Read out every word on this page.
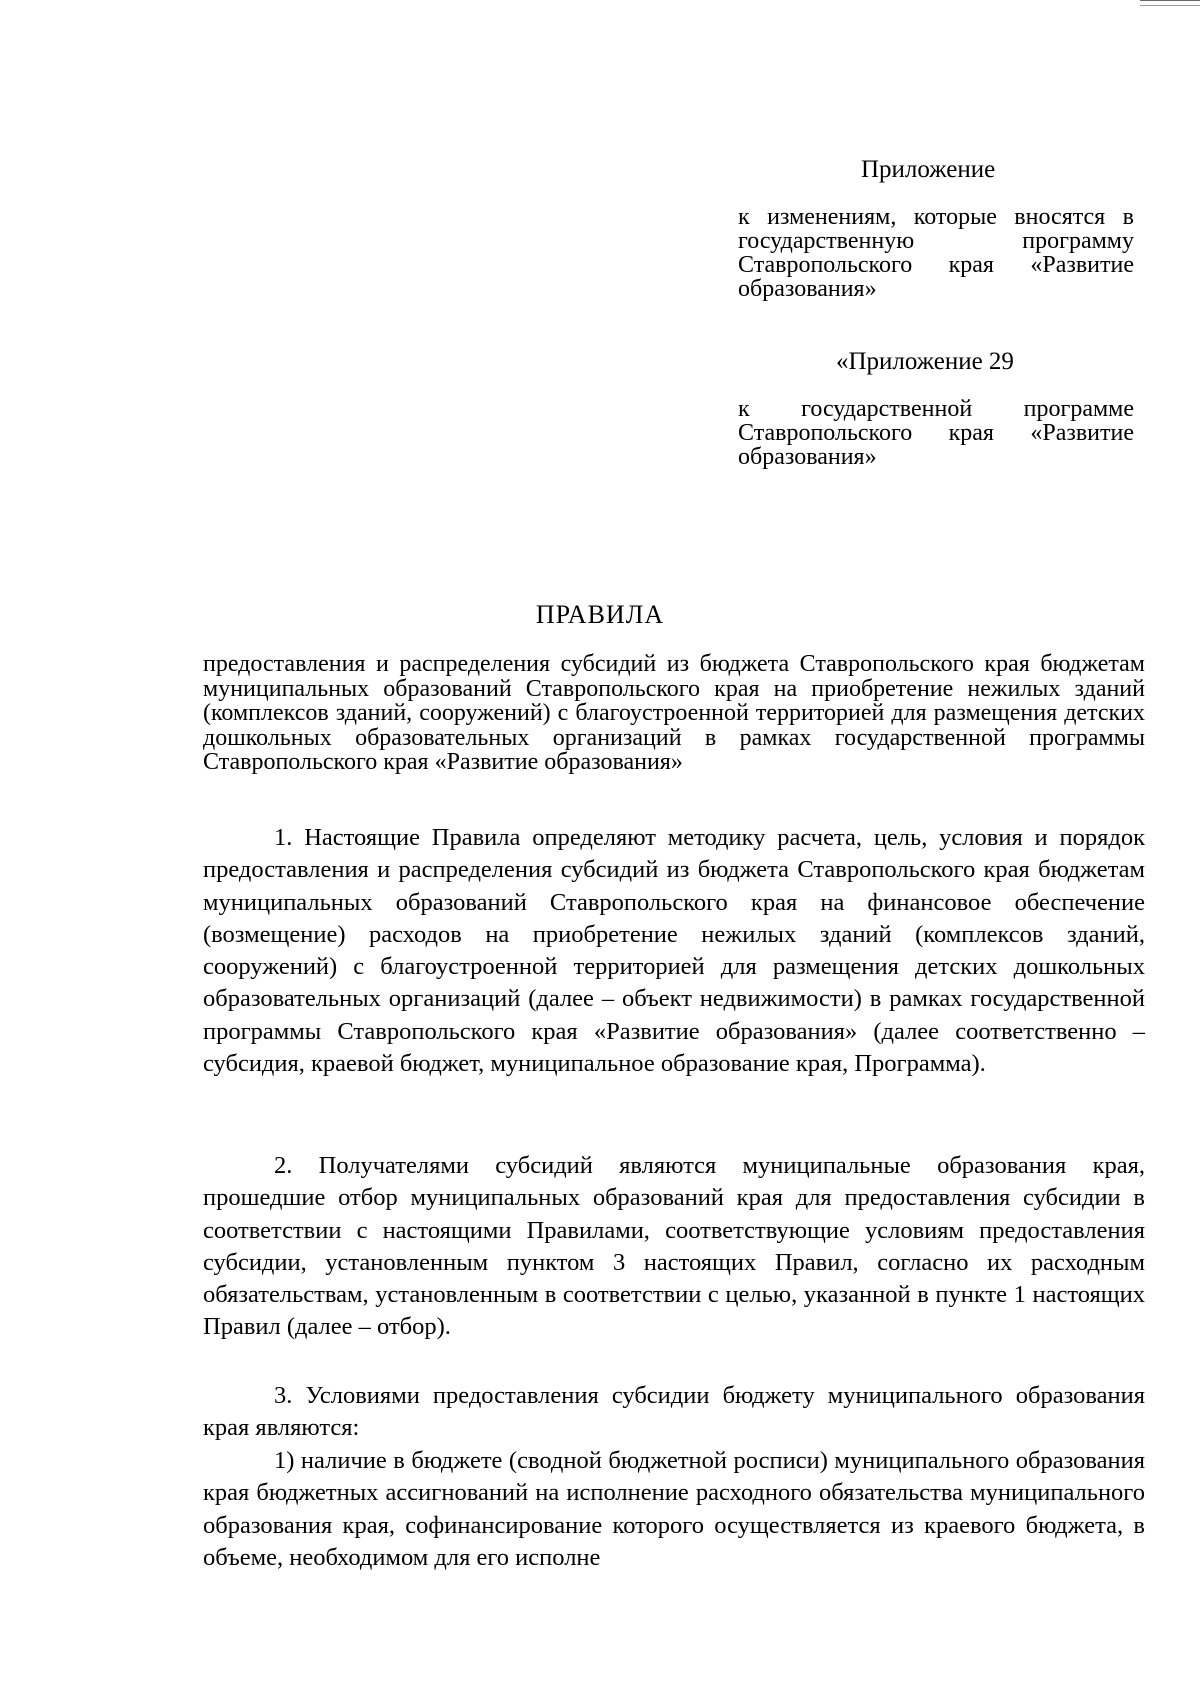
Приложение

к изменениям, которые вносятся в государственную программу Ставропольского края «Развитие образования»

«Приложение 29

к государственной программе Ставропольского края «Развитие образования»

ПРАВИЛА

предоставления и распределения субсидий из бюджета Ставропольского края бюджетам муниципальных образований Ставропольского края на приобретение нежилых зданий (комплексов зданий, сооружений) с благоустроенной территорией для размещения детских дошкольных образовательных организаций в рамках государственной программы Ставропольского края «Развитие образования»

1. Настоящие Правила определяют методику расчета, цель, условия и порядок предоставления и распределения субсидий из бюджета Ставропольского края бюджетам муниципальных образований Ставропольского края на финансовое обеспечение (возмещение) расходов на приобретение нежилых зданий (комплексов зданий, сооружений) с благоустроенной территорией для размещения детских дошкольных образовательных организаций (далее – объект недвижимости) в рамках государственной программы Ставропольского края «Развитие образования» (далее соответственно – субсидия, краевой бюджет, муниципальное образование края, Программа).

2. Получателями субсидий являются муниципальные образования края, прошедшие отбор муниципальных образований края для предоставления субсидии в соответствии с настоящими Правилами, соответствующие условиям предоставления субсидии, установленным пунктом 3 настоящих Правил, согласно их расходным обязательствам, установленным в соответствии с целью, указанной в пункте 1 настоящих Правил (далее – отбор).

3. Условиями предоставления субсидии бюджету муниципального образования края являются:

1) наличие в бюджете (сводной бюджетной росписи) муниципального образования края бюджетных ассигнований на исполнение расходного обязательства муниципального образования края, софинансирование которого осуществляется из краевого бюджета, в объеме, необходимом для его исполне
